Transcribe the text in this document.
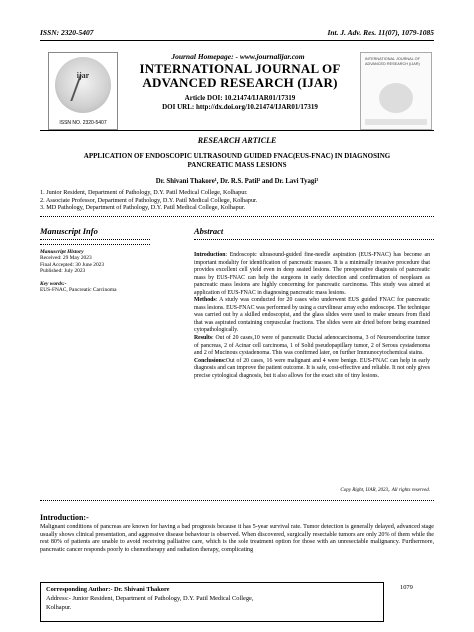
ISSN: 2320-5407	Int. J. Adv. Res. 11(07), 1079-1085
ijar
ISSN NO. 2320-5407
Journal Homepage: - www.journalijar.com
INTERNATIONAL JOURNAL OF
ADVANCED RESEARCH (IJAR)
Article DOI: 10.21474/IJAR01/17319
DOI URL: http://dx.doi.org/10.21474/IJAR01/17319
INTERNATIONAL JOURNAL OF ADVANCED RESEARCH (IJAR)
RESEARCH ARTICLE
APPLICATION OF ENDOSCOPIC ULTRASOUND GUIDED FNAC(EUS-FNAC) IN DIAGNOSING
PANCREATIC MASS LESIONS
Dr. Shivani Thakore¹, Dr. R.S. Patil² and Dr. Lavi Tyagi³
1. Junior Resident, Department of Pathology, D.Y. Patil Medical College, Kolhapur.
2. Associate Professor, Department of Pathology, D.Y. Patil Medical College, Kolhapur.
3. MD Pathology, Department of Pathology, D.Y. Patil Medical College, Kolhapur.
Manuscript Info
Manuscript History
Received: 29 May 2023
Final Accepted: 30 June 2023
Published: July 2023
Key words:-
EUS-FNAC, Pancreatic Carcinoma
Abstract

Introduction: Endoscopic ultrasound-guided fine-needle aspiration (EUS-FNAC) has become an important modality for identification of pancreatic masses. It is a minimally invasive procedure that provides excellent cell yield even in deep seated lesions. The preoperative diagnosis of pancreatic mass by EUS-FNAC can help the surgeons in early detection and confirmation of neoplasm as pancreatic mass lesions are highly concerning for pancreatic carcinoma. This study was aimed at application of EUS-FNAC in diagnosing pancreatic mass lesions.

Methods: A study was conducted for 20 cases who underwent EUS guided FNAC for pancreatic mass lesions. EUS-FNAC was performed by using a curvilinear array echo endoscope. The technique was carried out by a skilled endoscopist, and the glass slides were used to make smears from fluid that was aspirated containing corpuscular fractions. The slides were air dried before being examined cytopathologically.

Results: Out of 20 cases,10 were of pancreatic Ductal adenocarcinoma, 3 of Neuroendocrine tumor of pancreas, 2 of Acinar cell carcinoma, 1 of Solid pseudopapillary tumor, 2 of Serous cystadenoma and 2 of Mucinous cystadenoma. This was confirmed later, on further Immunocytochemical stains.

Conclusions:Out of 20 cases, 16 were malignant and 4 were benign. EUS-FNAC can help in early diagnosis and can improve the patient outcome. It is safe, cost-effective and reliable. It not only gives precise cytological diagnosis, but it also allows for the exact site of tiny lesions.

Copy Right, IJAR, 2023,. All rights reserved.
Introduction:-
Malignant conditions of pancreas are known for having a bad prognosis because it has 5-year survival rate. Tumor detection is generally delayed, advanced stage usually shows clinical presentation, and aggressive disease behaviour is observed. When discovered, surgically resectable tumors are only 20% of them while the rest 80% of patients are unable to avoid receiving palliative care, which is the sole treatment option for those with an unresectable malignancy. Furthermore, pancreatic cancer responds poorly to chemotherapy and radiation therapy, complicating
Corresponding Author:- Dr. Shivani Thakore
Address:- Junior Resident, Department of Pathology, D.Y. Patil Medical College,
Kolhapur.
1079
